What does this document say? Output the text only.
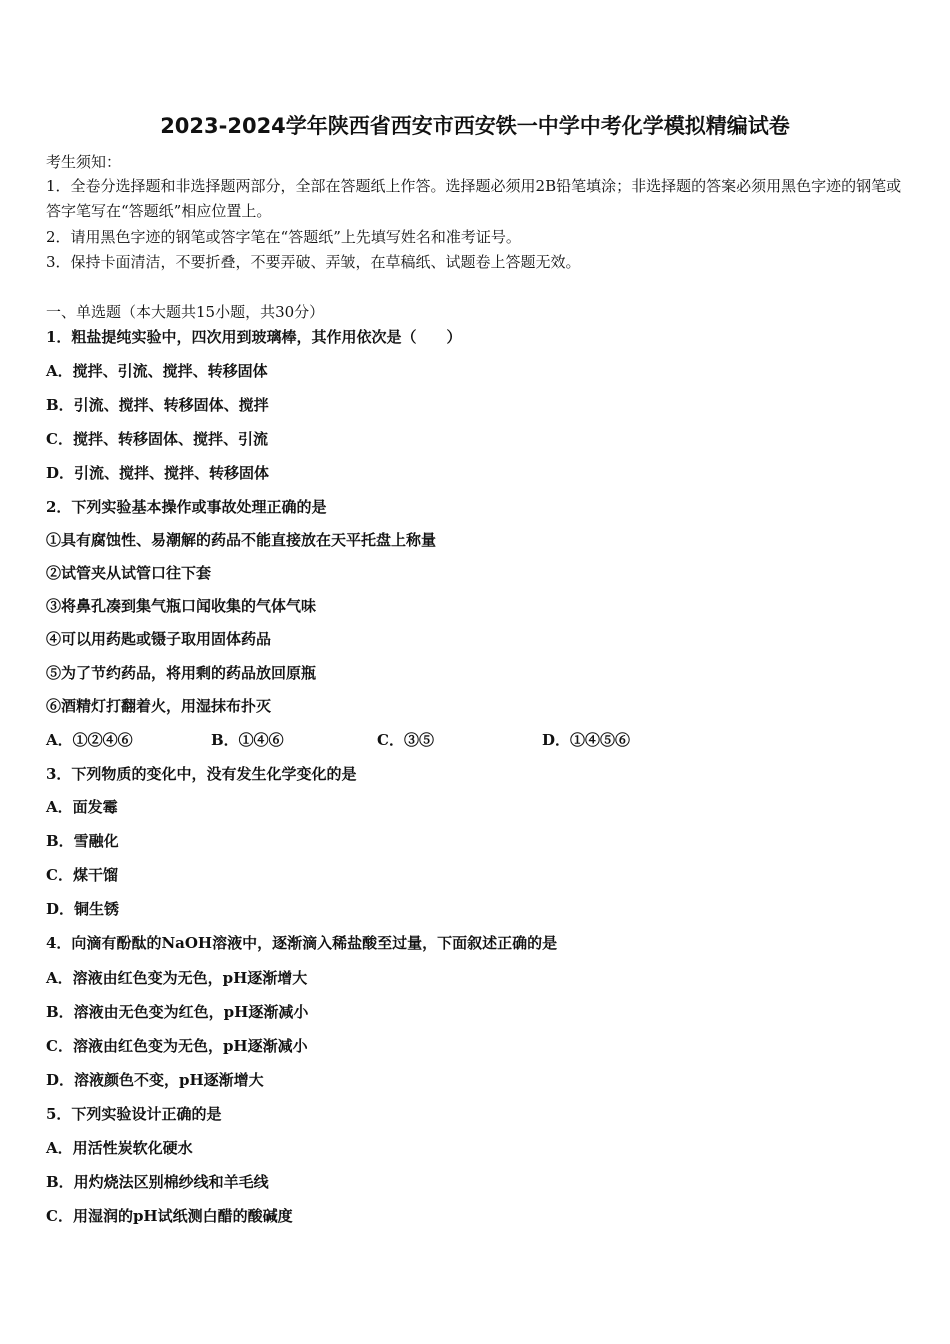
2023-2024学年陕西省西安市西安铁一中学中考化学模拟精编试卷
考生须知：
1．全卷分选择题和非选择题两部分，全部在答题纸上作答。选择题必须用2B铅笔填涂；非选择题的答案必须用黑色字迹的钢笔或答字笔写在“答题纸”相应位置上。
2．请用黑色字迹的钢笔或答字笔在“答题纸”上先填写姓名和准考证号。
3．保持卡面清洁，不要折叠，不要弄破、弄皱，在草稿纸、试题卷上答题无效。
一、单选题（本大题共15小题，共30分）
1．粗盐提纯实验中，四次用到玻璃棒，其作用依次是（　　）
A．搅拌、引流、搅拌、转移固体
B．引流、搅拌、转移固体、搅拌
C．搅拌、转移固体、搅拌、引流
D．引流、搅拌、搅拌、转移固体
2．下列实验基本操作或事故处理正确的是
①具有腐蚀性、易潮解的药品不能直接放在天平托盘上称量
②试管夹从试管口往下套
③将鼻孔凑到集气瓶口闻收集的气体气味
④可以用药匙或镊子取用固体药品
⑤为了节约药品，将用剩的药品放回原瓶
⑥酒精灯打翻着火，用湿抹布扑灭
A．①②④⑥	B．①④⑥	C．③⑤	D．①④⑤⑥
3．下列物质的变化中，没有发生化学变化的是
A．面发霉
B．雪融化
C．煤干馏
D．铜生锈
4．向滴有酚酞的NaOH溶液中，逐渐滴入稀盐酸至过量，下面叙述正确的是
A．溶液由红色变为无色，pH逐渐增大
B．溶液由无色变为红色，pH逐渐减小
C．溶液由红色变为无色，pH逐渐减小
D．溶液颜色不变，pH逐渐增大
5．下列实验设计正确的是
A．用活性炭软化硬水
B．用灼烧法区别棉纱线和羊毛线
C．用湿润的pH试纸测白醋的酸碱度
